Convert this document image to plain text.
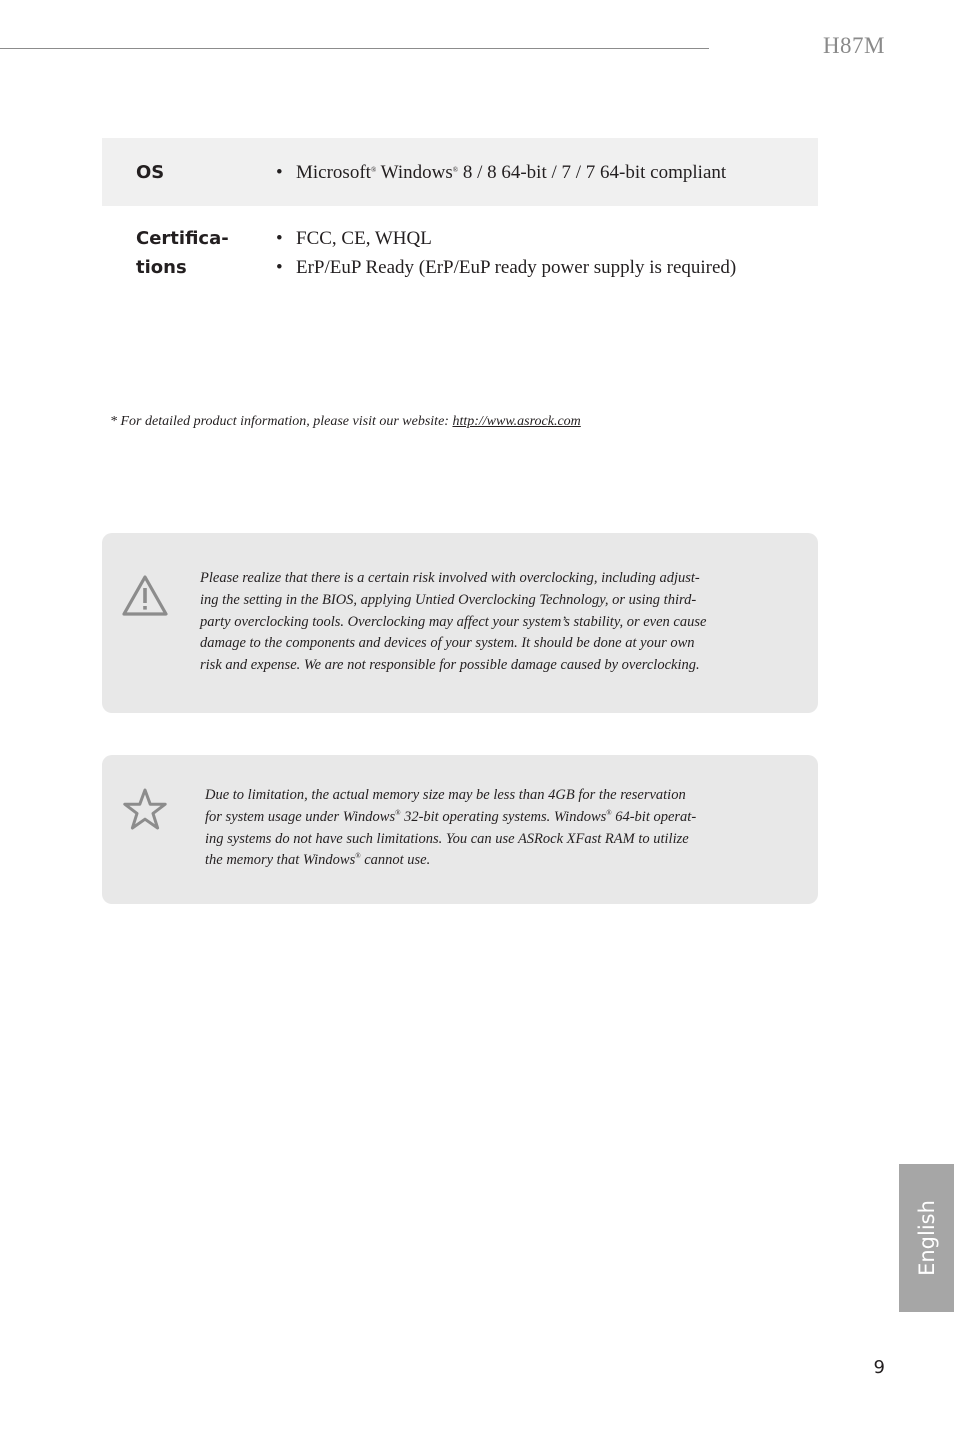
H87M
OS
•	Microsoft® Windows® 8 / 8 64-bit / 7 / 7 64-bit compliant
Certifica-
tions
• FCC, CE, WHQL
• ErP/EuP Ready (ErP/EuP ready power supply is required)
* For detailed product information, please visit our website: http://www.asrock.com

Please realize that there is a certain risk involved with overclocking, including adjust-
ing the setting in the BIOS, applying Untied Overclocking Technology, or using third-
party overclocking tools. Overclocking may affect your system’s stability, or even cause
damage to the components and devices of your system. It should be done at your own
risk and expense. We are not responsible for possible damage caused by overclocking.

Due to limitation, the actual memory size may be less than 4GB for the reservation
for system usage under Windows® 32-bit operating systems. Windows® 64-bit operat-
ing systems do not have such limitations. You can use ASRock XFast RAM to utilize
the memory that Windows® cannot use.

English
9
